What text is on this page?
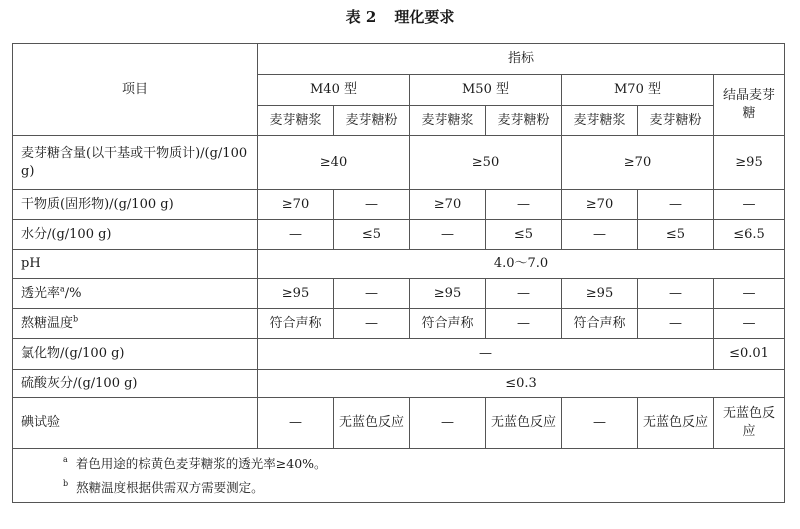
表 2 理化要求
项目	指标						
	M40 型		M50 型		M70 型		结晶麦芽糖
	麦芽糖浆	麦芽糖粉	麦芽糖浆	麦芽糖粉	麦芽糖浆	麦芽糖粉	
麦芽糖含量(以干基或干物质计)/(g/100 g)	≥40		≥50		≥70		≥95
干物质(固形物)/(g/100 g)	≥70	—	≥70	—	≥70	—	—
水分/(g/100 g)	—	≤5	—	≤5	—	≤5	≤6.5
pH	4.0～7.0						
透光率$^a$/%	≥95	—	≥95	—	≥95	—	—
熬糖温度$^b$	符合声称	—	符合声称	—	符合声称	—	—
氯化物/(g/100 g)	—						≤0.01
硫酸灰分/(g/100 g)	≤0.3						
碘试验	—	无蓝色反应	—	无蓝色反应	—	无蓝色反应	无蓝色反应

$^a$ 着色用途的棕黄色麦芽糖浆的透光率≥40%。
$^b$ 熬糖温度根据供需双方需要测定。							
